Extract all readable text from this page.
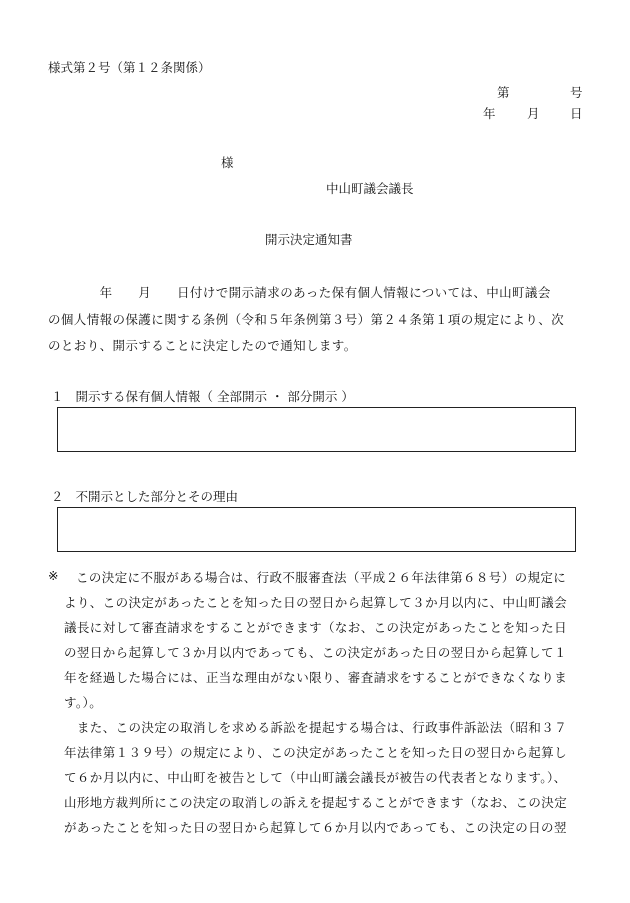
様式第２号（第１２条関係）
第	号
年	月 日
様
中山町議会議長
開示決定通知書
　　　　年　　月　　日付けで開示請求のあった保有個人情報については、中山町議会
の個人情報の保護に関する条例（令和５年条例第３号）第２４条第１項の規定により、次
のとおり、開示することに決定したので通知します。
１ 開示する保有個人情報（ 全部開示 ・ 部分開示 ）
２ 不開示とした部分とその理由
※ この決定に不服がある場合は、行政不服審査法（平成２６年法律第６８号）の規定に
より、この決定があったことを知った日の翌日から起算して３か月以内に、中山町議会
議長に対して審査請求をすることができます（なお、この決定があったことを知った日
の翌日から起算して３か月以内であっても、この決定があった日の翌日から起算して１
年を経過した場合には、正当な理由がない限り、審査請求をすることができなくなりま
す。）。
　また、この決定の取消しを求める訴訟を提起する場合は、行政事件訴訟法（昭和３７
年法律第１３９号）の規定により、この決定があったことを知った日の翌日から起算し
て６か月以内に、中山町を被告として（中山町議会議長が被告の代表者となります。）、
山形地方裁判所にこの決定の取消しの訴えを提起することができます（なお、この決定
があったことを知った日の翌日から起算して６か月以内であっても、この決定の日の翌
